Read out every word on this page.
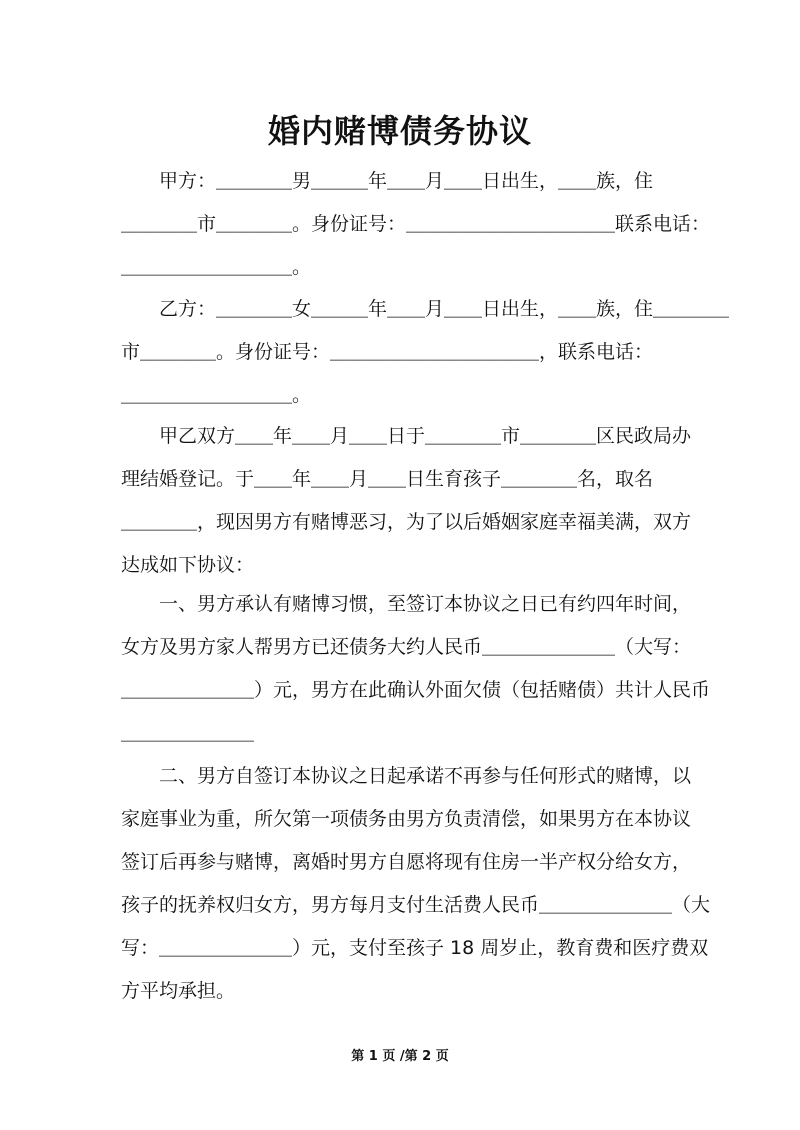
婚内赌博债务协议
　　甲方：＿＿＿＿男＿＿＿年＿＿月＿＿日出生，＿＿族，住
＿＿＿＿市＿＿＿＿。身份证号：＿＿＿＿＿＿＿＿＿＿＿联系电话：
＿＿＿＿＿＿＿＿＿。
　　乙方：＿＿＿＿女＿＿＿年＿＿月＿＿日出生，＿＿族，住＿＿＿＿
市＿＿＿＿。身份证号：＿＿＿＿＿＿＿＿＿＿＿，联系电话：
＿＿＿＿＿＿＿＿＿。
　　甲乙双方＿＿年＿＿月＿＿日于＿＿＿＿市＿＿＿＿区民政局办
理结婚登记。于＿＿年＿＿月＿＿日生育孩子＿＿＿＿名，取名
＿＿＿＿，现因男方有赌博恶习，为了以后婚姻家庭幸福美满，双方
达成如下协议：
　　一、男方承认有赌博习惯，至签订本协议之日已有约四年时间，
女方及男方家人帮男方已还债务大约人民币＿＿＿＿＿＿＿（大写：
＿＿＿＿＿＿＿）元，男方在此确认外面欠债（包括赌债）共计人民币
＿＿＿＿＿＿＿
　　二、男方自签订本协议之日起承诺不再参与任何形式的赌博，以
家庭事业为重，所欠第一项债务由男方负责清偿，如果男方在本协议
签订后再参与赌博，离婚时男方自愿将现有住房一半产权分给女方，
孩子的抚养权归女方，男方每月支付生活费人民币＿＿＿＿＿＿＿（大
写：＿＿＿＿＿＿＿）元，支付至孩子 18 周岁止，教育费和医疗费双
方平均承担。
第 1 页 /第 2 页
